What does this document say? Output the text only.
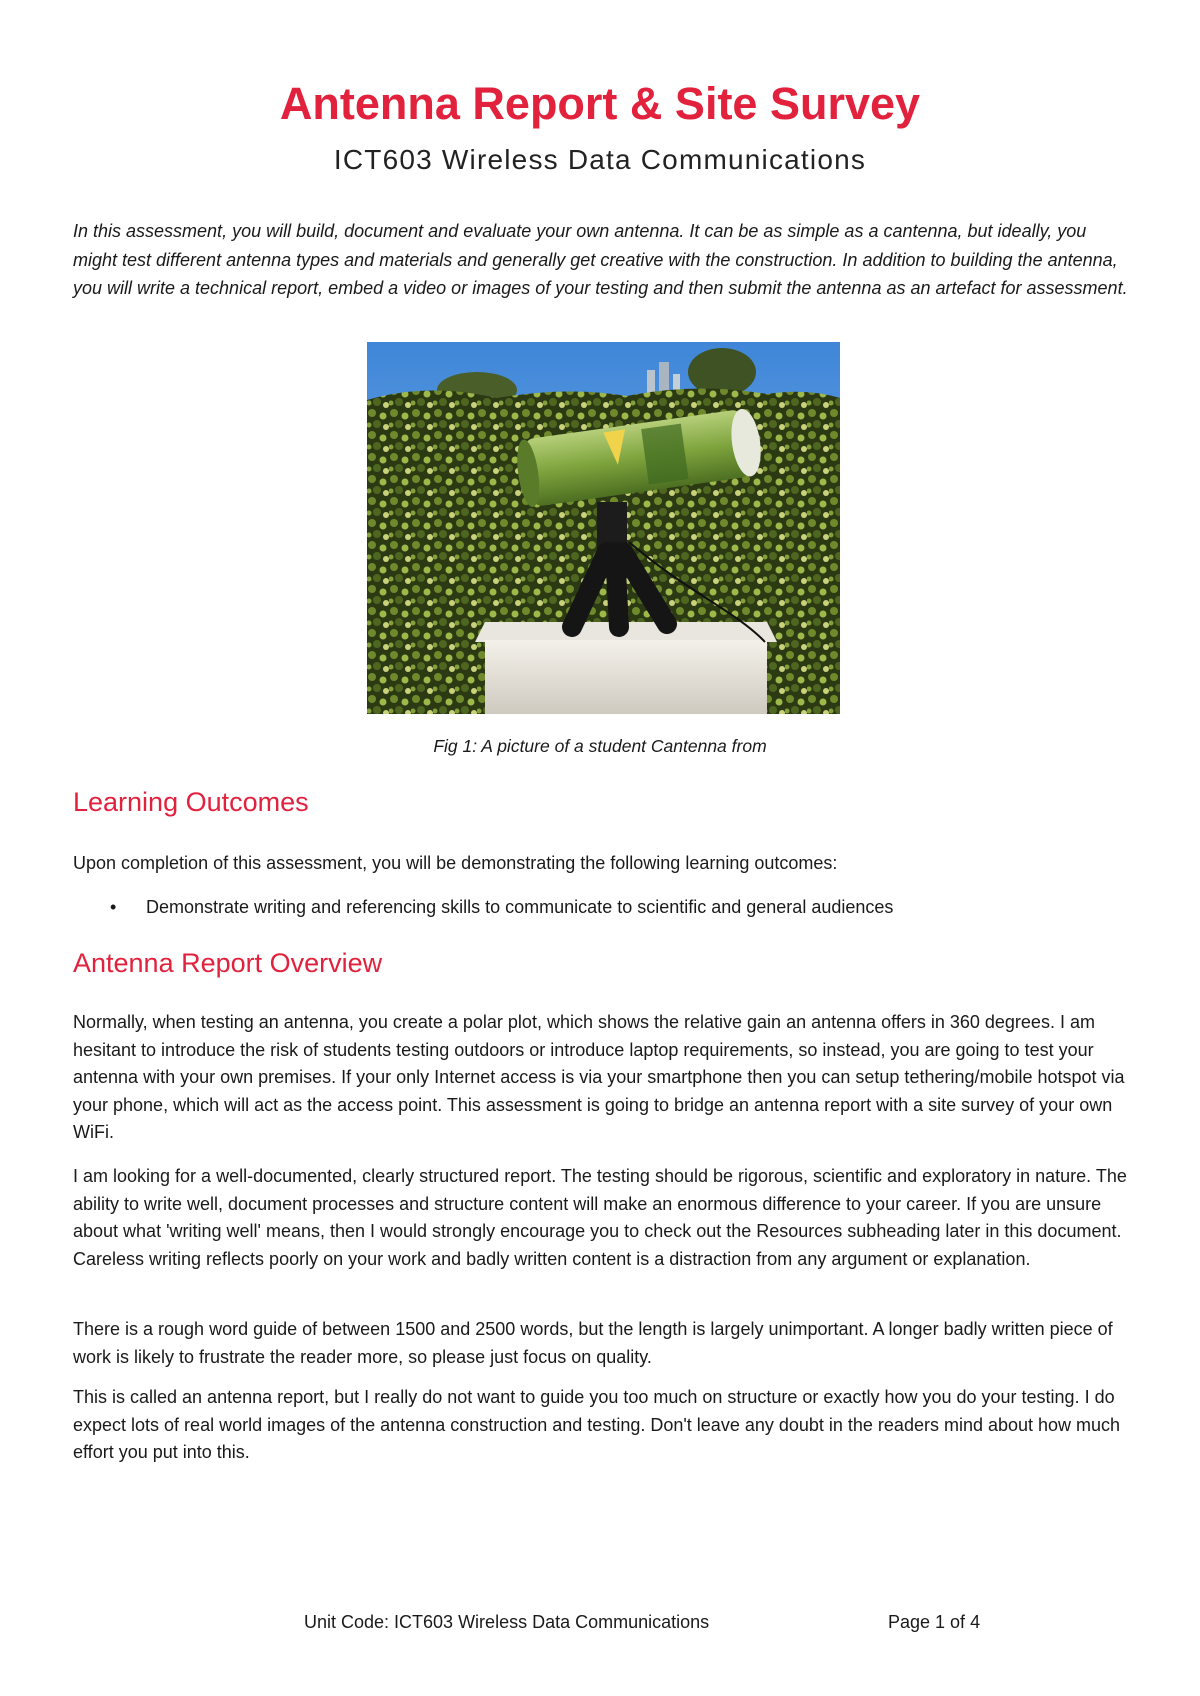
Antenna Report & Site Survey
ICT603 Wireless Data Communications

In this assessment, you will build, document and evaluate your own antenna. It can be as simple as a cantenna, but ideally, you might test different antenna types and materials and generally get creative with the construction. In addition to building the antenna, you will write a technical report, embed a video or images of your testing and then submit the antenna as an artefact for assessment.

Fig 1: A picture of a student Cantenna from

Learning Outcomes

Upon completion of this assessment, you will be demonstrating the following learning outcomes:

• Demonstrate writing and referencing skills to communicate to scientific and general audiences
Antenna Report Overview

Normally, when testing an antenna, you create a polar plot, which shows the relative gain an antenna offers in 360 degrees. I am hesitant to introduce the risk of students testing outdoors or introduce laptop requirements, so instead, you are going to test your antenna with your own premises. If your only Internet access is via your smartphone then you can setup tethering/mobile hotspot via your phone, which will act as the access point. This assessment is going to bridge an antenna report with a site survey of your own WiFi.

I am looking for a well-documented, clearly structured report. The testing should be rigorous, scientific and exploratory in nature. The ability to write well, document processes and structure content will make an enormous difference to your career. If you are unsure about what 'writing well' means, then I would strongly encourage you to check out the Resources subheading later in this document. Careless writing reflects poorly on your work and badly written content is a distraction from any argument or explanation.

There is a rough word guide of between 1500 and 2500 words, but the length is largely unimportant. A longer badly written piece of work is likely to frustrate the reader more, so please just focus on quality.

This is called an antenna report, but I really do not want to guide you too much on structure or exactly how you do your testing. I do expect lots of real world images of the antenna construction and testing. Don't leave any doubt in the readers mind about how much effort you put into this.

Unit Code: ICT603 Wireless Data Communications	Page 1 of 4
